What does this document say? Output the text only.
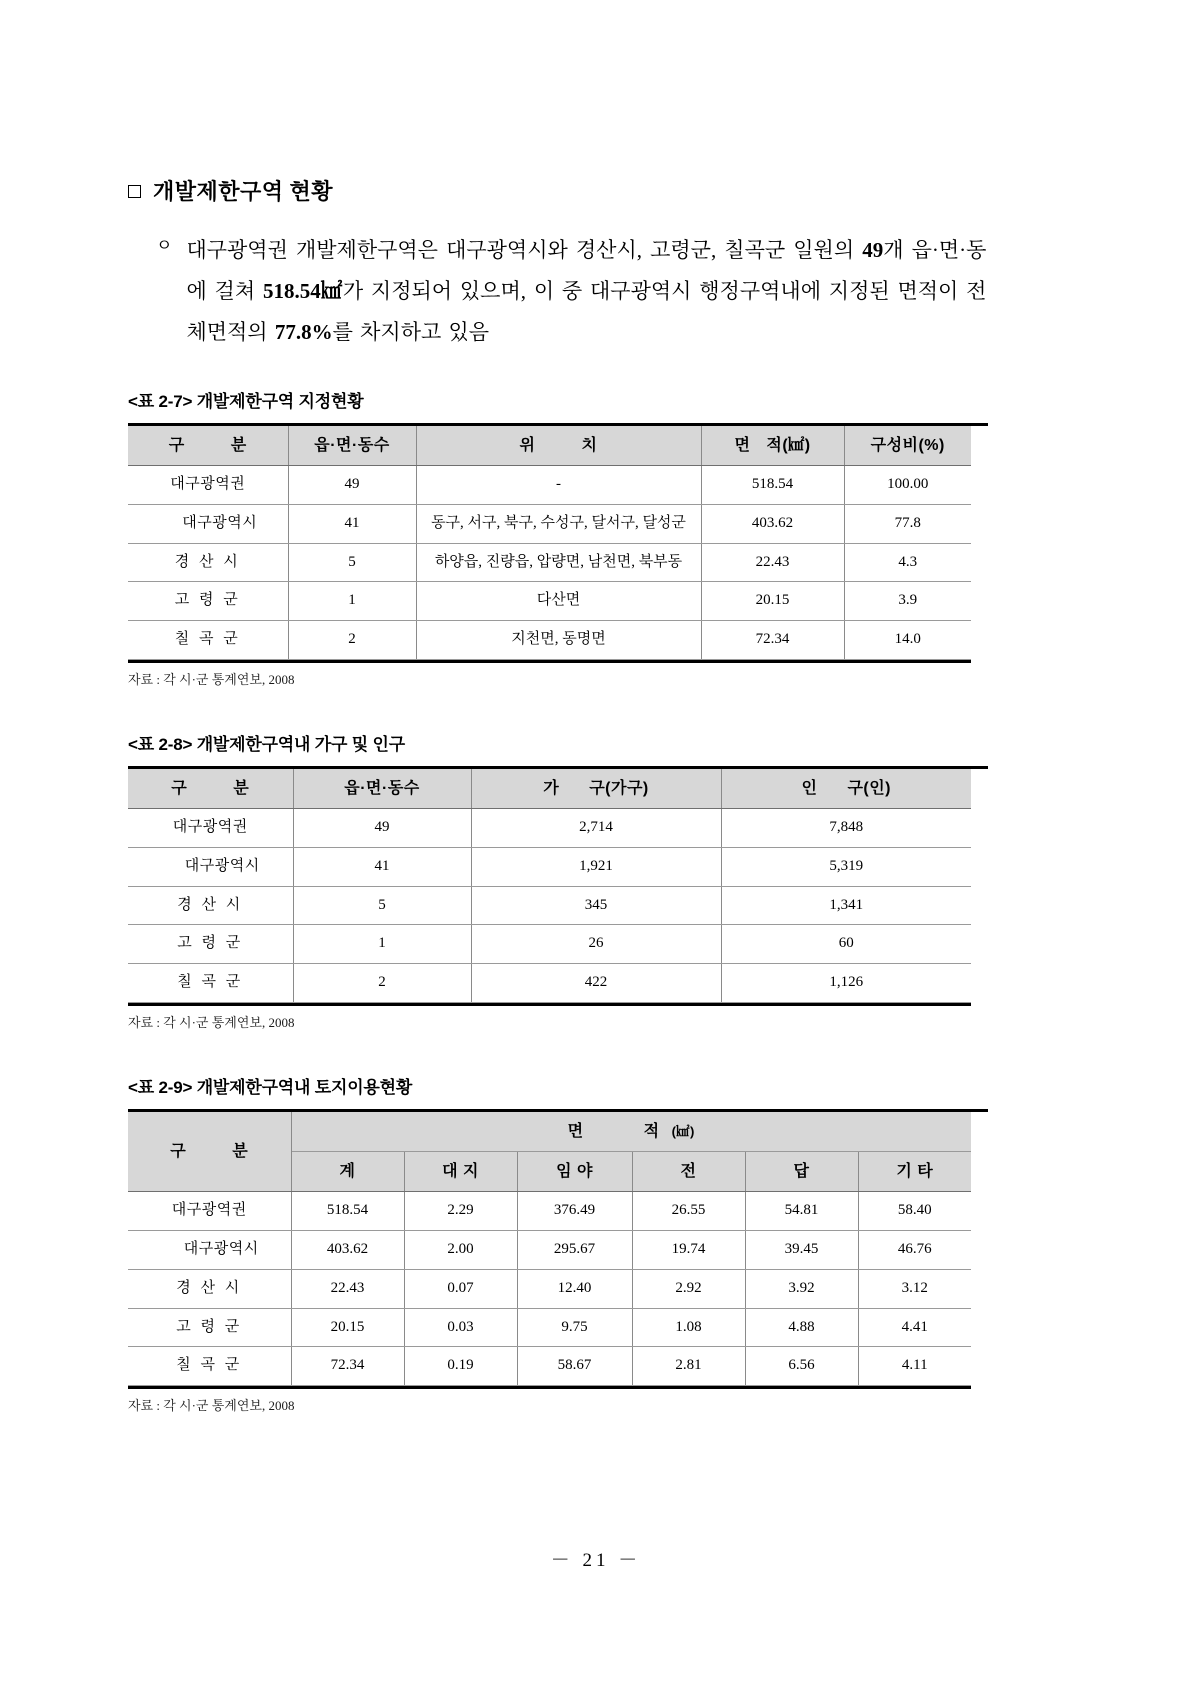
개발제한구역 현황
ㅇ 대구광역권 개발제한구역은 대구광역시와 경산시, 고령군, 칠곡군 일원의 49개 읍·면·동에 걸쳐 518.54㎢가 지정되어 있으며, 이 중 대구광역시 행정구역내에 지정된 면적이 전체면적의 77.8%를 차지하고 있음
<표 2-7> 개발제한구역 지정현황
구 분	읍·면·동수	위 치	면 적(㎢)	구성비(%)
대구광역권	49	-	518.54	100.00
대구광역시	41	동구, 서구, 북구, 수성구, 달서구, 달성군	403.62	77.8
경 산 시	5	하양읍, 진량읍, 압량면, 남천면, 북부동	22.43	4.3
고 령 군	1	다산면	20.15	3.9
칠 곡 군	2	지천면, 동명면	72.34	14.0
자료 : 각 시·군 통계연보, 2008
<표 2-8> 개발제한구역내 가구 및 인구
구 분	읍·면·동수	가 구(가구)	인 구(인)
대구광역권	49	2,714	7,848
대구광역시	41	1,921	5,319
경 산 시	5	345	1,341
고 령 군	1	26	60
칠 곡 군	2	422	1,126
자료 : 각 시·군 통계연보, 2008
<표 2-9> 개발제한구역내 토지이용현황
구 분	면 적 (㎢)					
	계	대 지	임 야	전	답	기 타
대구광역권	518.54	2.29	376.49	26.55	54.81	58.40
대구광역시	403.62	2.00	295.67	19.74	39.45	46.76
경 산 시	22.43	0.07	12.40	2.92	3.92	3.12
고 령 군	20.15	0.03	9.75	1.08	4.88	4.41
칠 곡 군	72.34	0.19	58.67	2.81	6.56	4.11
자료 : 각 시·군 통계연보, 2008
－ 21 －
